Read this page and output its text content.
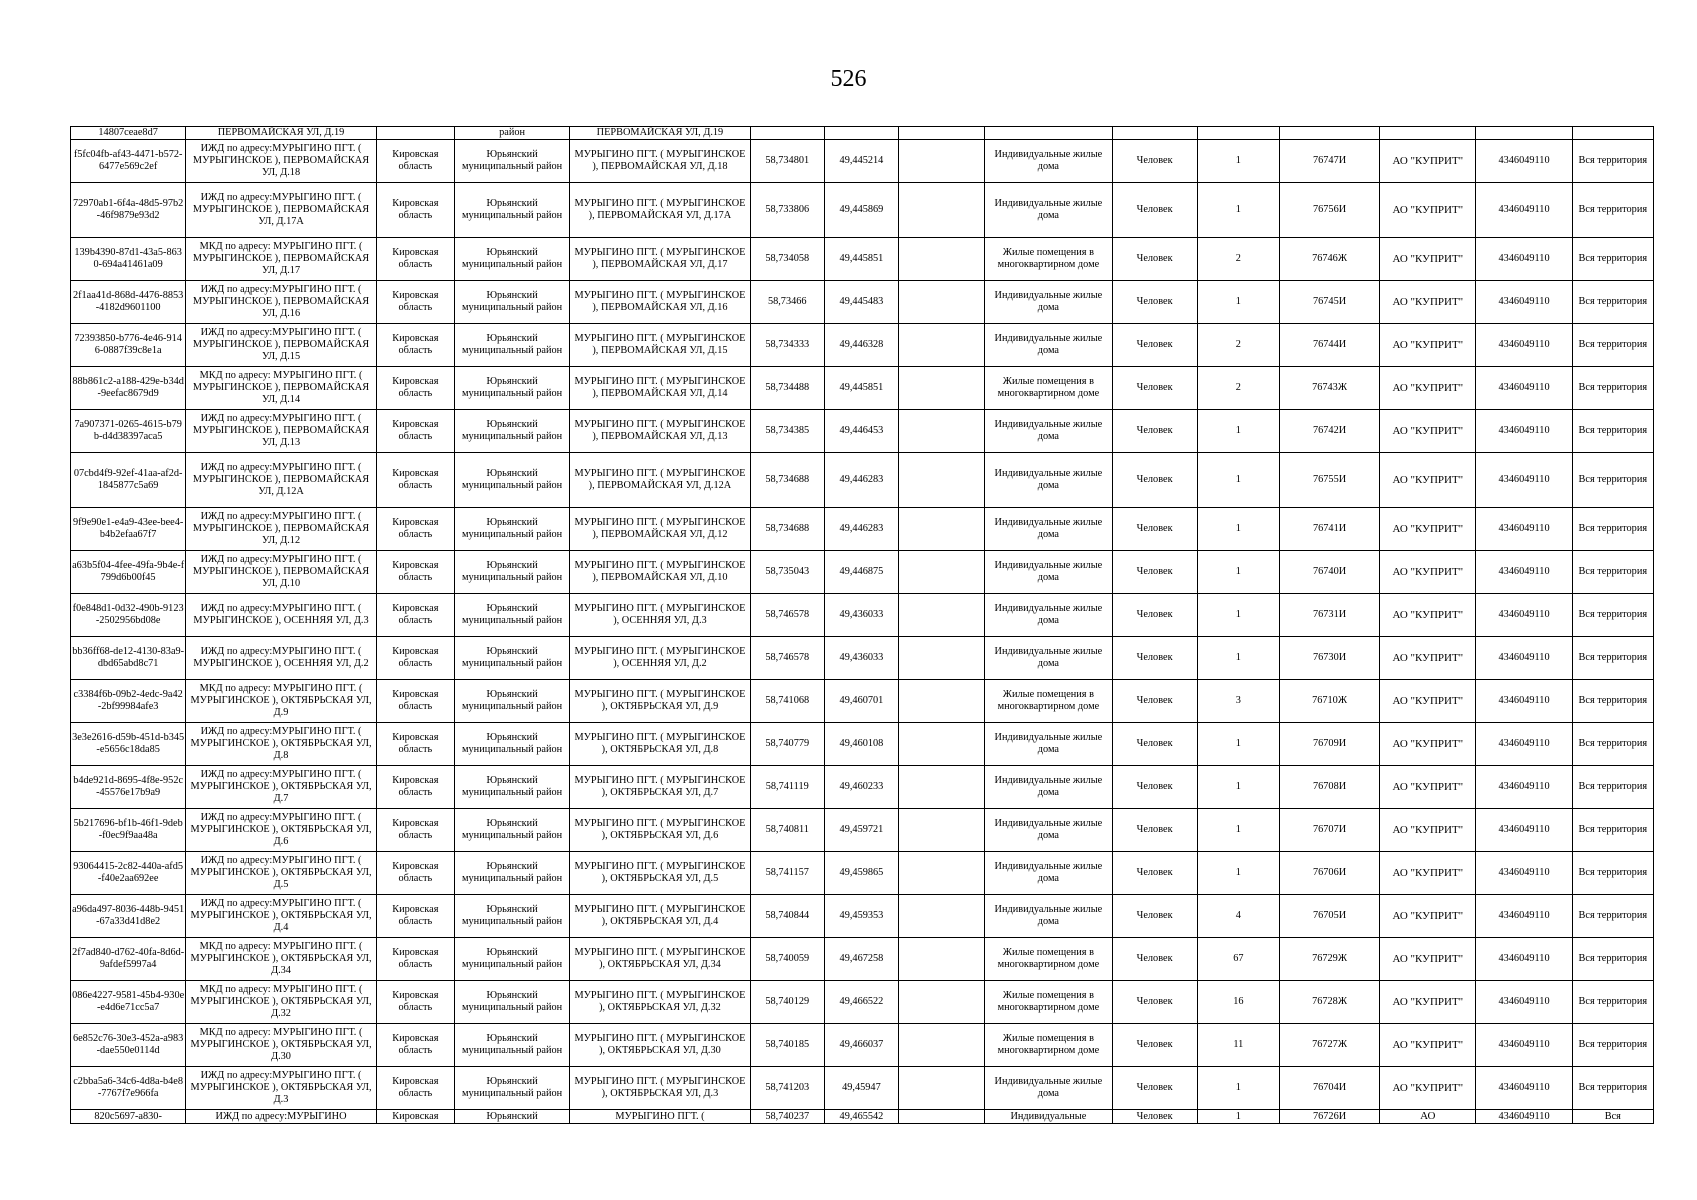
526
14807ceae8d7	ПЕРВОМАЙСКАЯ УЛ, Д.19		район	ПЕРВОМАЙСКАЯ УЛ, Д.19										
f5fc04fb-af43-4471-b572-6477e569c2ef	ИЖД по адресу:МУРЫГИНО ПГТ. ( МУРЫГИНСКОЕ ), ПЕРВОМАЙСКАЯ УЛ, Д.18	Кировская область	Юрьянский муниципальный район	МУРЫГИНО ПГТ. ( МУРЫГИНСКОЕ ), ПЕРВОМАЙСКАЯ УЛ, Д.18	58,734801	49,445214		Индивидуальные жилые дома	Человек	1	76747И	АО "КУПРИТ"	4346049110	Вся территория
72970ab1-6f4a-48d5-97b2-46f9879e93d2	ИЖД по адресу:МУРЫГИНО ПГТ. ( МУРЫГИНСКОЕ ), ПЕРВОМАЙСКАЯ УЛ, Д.17А	Кировская область	Юрьянский муниципальный район	МУРЫГИНО ПГТ. ( МУРЫГИНСКОЕ ), ПЕРВОМАЙСКАЯ УЛ, Д.17А	58,733806	49,445869		Индивидуальные жилые дома	Человек	1	76756И	АО "КУПРИТ"	4346049110	Вся территория
139b4390-87d1-43a5-8630-694a41461a09	МКД по адресу: МУРЫГИНО ПГТ. ( МУРЫГИНСКОЕ ), ПЕРВОМАЙСКАЯ УЛ, Д.17	Кировская область	Юрьянский муниципальный район	МУРЫГИНО ПГТ. ( МУРЫГИНСКОЕ ), ПЕРВОМАЙСКАЯ УЛ, Д.17	58,734058	49,445851		Жилые помещения в многоквартирном доме	Человек	2	76746Ж	АО "КУПРИТ"	4346049110	Вся территория
2f1aa41d-868d-4476-8853-4182d9601100	ИЖД по адресу:МУРЫГИНО ПГТ. ( МУРЫГИНСКОЕ ), ПЕРВОМАЙСКАЯ УЛ, Д.16	Кировская область	Юрьянский муниципальный район	МУРЫГИНО ПГТ. ( МУРЫГИНСКОЕ ), ПЕРВОМАЙСКАЯ УЛ, Д.16	58,73466	49,445483		Индивидуальные жилые дома	Человек	1	76745И	АО "КУПРИТ"	4346049110	Вся территория
72393850-b776-4e46-9146-0887f39c8e1a	ИЖД по адресу:МУРЫГИНО ПГТ. ( МУРЫГИНСКОЕ ), ПЕРВОМАЙСКАЯ УЛ, Д.15	Кировская область	Юрьянский муниципальный район	МУРЫГИНО ПГТ. ( МУРЫГИНСКОЕ ), ПЕРВОМАЙСКАЯ УЛ, Д.15	58,734333	49,446328		Индивидуальные жилые дома	Человек	2	76744И	АО "КУПРИТ"	4346049110	Вся территория
88b861c2-a188-429e-b34d-9eefac8679d9	МКД по адресу: МУРЫГИНО ПГТ. ( МУРЫГИНСКОЕ ), ПЕРВОМАЙСКАЯ УЛ, Д.14	Кировская область	Юрьянский муниципальный район	МУРЫГИНО ПГТ. ( МУРЫГИНСКОЕ ), ПЕРВОМАЙСКАЯ УЛ, Д.14	58,734488	49,445851		Жилые помещения в многоквартирном доме	Человек	2	76743Ж	АО "КУПРИТ"	4346049110	Вся территория
7a907371-0265-4615-b79b-d4d38397aca5	ИЖД по адресу:МУРЫГИНО ПГТ. ( МУРЫГИНСКОЕ ), ПЕРВОМАЙСКАЯ УЛ, Д.13	Кировская область	Юрьянский муниципальный район	МУРЫГИНО ПГТ. ( МУРЫГИНСКОЕ ), ПЕРВОМАЙСКАЯ УЛ, Д.13	58,734385	49,446453		Индивидуальные жилые дома	Человек	1	76742И	АО "КУПРИТ"	4346049110	Вся территория
07cbd4f9-92ef-41aa-af2d-1845877c5a69	ИЖД по адресу:МУРЫГИНО ПГТ. ( МУРЫГИНСКОЕ ), ПЕРВОМАЙСКАЯ УЛ, Д.12А	Кировская область	Юрьянский муниципальный район	МУРЫГИНО ПГТ. ( МУРЫГИНСКОЕ ), ПЕРВОМАЙСКАЯ УЛ, Д.12А	58,734688	49,446283		Индивидуальные жилые дома	Человек	1	76755И	АО "КУПРИТ"	4346049110	Вся территория
9f9e90e1-e4a9-43ee-bee4-b4b2efaa67f7	ИЖД по адресу:МУРЫГИНО ПГТ. ( МУРЫГИНСКОЕ ), ПЕРВОМАЙСКАЯ УЛ, Д.12	Кировская область	Юрьянский муниципальный район	МУРЫГИНО ПГТ. ( МУРЫГИНСКОЕ ), ПЕРВОМАЙСКАЯ УЛ, Д.12	58,734688	49,446283		Индивидуальные жилые дома	Человек	1	76741И	АО "КУПРИТ"	4346049110	Вся территория
a63b5f04-4fee-49fa-9b4e-f799d6b00f45	ИЖД по адресу:МУРЫГИНО ПГТ. ( МУРЫГИНСКОЕ ), ПЕРВОМАЙСКАЯ УЛ, Д.10	Кировская область	Юрьянский муниципальный район	МУРЫГИНО ПГТ. ( МУРЫГИНСКОЕ ), ПЕРВОМАЙСКАЯ УЛ, Д.10	58,735043	49,446875		Индивидуальные жилые дома	Человек	1	76740И	АО "КУПРИТ"	4346049110	Вся территория
f0e848d1-0d32-490b-9123-2502956bd08e	ИЖД по адресу:МУРЫГИНО ПГТ. ( МУРЫГИНСКОЕ ), ОСЕННЯЯ УЛ, Д.3	Кировская область	Юрьянский муниципальный район	МУРЫГИНО ПГТ. ( МУРЫГИНСКОЕ ), ОСЕННЯЯ УЛ, Д.3	58,746578	49,436033		Индивидуальные жилые дома	Человек	1	76731И	АО "КУПРИТ"	4346049110	Вся территория
bb36ff68-de12-4130-83a9-dbd65abd8c71	ИЖД по адресу:МУРЫГИНО ПГТ. ( МУРЫГИНСКОЕ ), ОСЕННЯЯ УЛ, Д.2	Кировская область	Юрьянский муниципальный район	МУРЫГИНО ПГТ. ( МУРЫГИНСКОЕ ), ОСЕННЯЯ УЛ, Д.2	58,746578	49,436033		Индивидуальные жилые дома	Человек	1	76730И	АО "КУПРИТ"	4346049110	Вся территория
c3384f6b-09b2-4edc-9a42-2bf99984afe3	МКД по адресу: МУРЫГИНО ПГТ. ( МУРЫГИНСКОЕ ), ОКТЯБРЬСКАЯ УЛ, Д.9	Кировская область	Юрьянский муниципальный район	МУРЫГИНО ПГТ. ( МУРЫГИНСКОЕ ), ОКТЯБРЬСКАЯ УЛ, Д.9	58,741068	49,460701		Жилые помещения в многоквартирном доме	Человек	3	76710Ж	АО "КУПРИТ"	4346049110	Вся территория
3e3e2616-d59b-451d-b345-e5656c18da85	ИЖД по адресу:МУРЫГИНО ПГТ. ( МУРЫГИНСКОЕ ), ОКТЯБРЬСКАЯ УЛ, Д.8	Кировская область	Юрьянский муниципальный район	МУРЫГИНО ПГТ. ( МУРЫГИНСКОЕ ), ОКТЯБРЬСКАЯ УЛ, Д.8	58,740779	49,460108		Индивидуальные жилые дома	Человек	1	76709И	АО "КУПРИТ"	4346049110	Вся территория
b4de921d-8695-4f8e-952c-45576e17b9a9	ИЖД по адресу:МУРЫГИНО ПГТ. ( МУРЫГИНСКОЕ ), ОКТЯБРЬСКАЯ УЛ, Д.7	Кировская область	Юрьянский муниципальный район	МУРЫГИНО ПГТ. ( МУРЫГИНСКОЕ ), ОКТЯБРЬСКАЯ УЛ, Д.7	58,741119	49,460233		Индивидуальные жилые дома	Человек	1	76708И	АО "КУПРИТ"	4346049110	Вся территория
5b217696-bf1b-46f1-9deb-f0ec9f9aa48a	ИЖД по адресу:МУРЫГИНО ПГТ. ( МУРЫГИНСКОЕ ), ОКТЯБРЬСКАЯ УЛ, Д.6	Кировская область	Юрьянский муниципальный район	МУРЫГИНО ПГТ. ( МУРЫГИНСКОЕ ), ОКТЯБРЬСКАЯ УЛ, Д.6	58,740811	49,459721		Индивидуальные жилые дома	Человек	1	76707И	АО "КУПРИТ"	4346049110	Вся территория
93064415-2c82-440a-afd5-f40e2aa692ee	ИЖД по адресу:МУРЫГИНО ПГТ. ( МУРЫГИНСКОЕ ), ОКТЯБРЬСКАЯ УЛ, Д.5	Кировская область	Юрьянский муниципальный район	МУРЫГИНО ПГТ. ( МУРЫГИНСКОЕ ), ОКТЯБРЬСКАЯ УЛ, Д.5	58,741157	49,459865		Индивидуальные жилые дома	Человек	1	76706И	АО "КУПРИТ"	4346049110	Вся территория
a96da497-8036-448b-9451-67a33d41d8e2	ИЖД по адресу:МУРЫГИНО ПГТ. ( МУРЫГИНСКОЕ ), ОКТЯБРЬСКАЯ УЛ, Д.4	Кировская область	Юрьянский муниципальный район	МУРЫГИНО ПГТ. ( МУРЫГИНСКОЕ ), ОКТЯБРЬСКАЯ УЛ, Д.4	58,740844	49,459353		Индивидуальные жилые дома	Человек	4	76705И	АО "КУПРИТ"	4346049110	Вся территория
2f7ad840-d762-40fa-8d6d-9afdef5997a4	МКД по адресу: МУРЫГИНО ПГТ. ( МУРЫГИНСКОЕ ), ОКТЯБРЬСКАЯ УЛ, Д.34	Кировская область	Юрьянский муниципальный район	МУРЫГИНО ПГТ. ( МУРЫГИНСКОЕ ), ОКТЯБРЬСКАЯ УЛ, Д.34	58,740059	49,467258		Жилые помещения в многоквартирном доме	Человек	67	76729Ж	АО "КУПРИТ"	4346049110	Вся территория
086e4227-9581-45b4-930e-e4d6e71cc5a7	МКД по адресу: МУРЫГИНО ПГТ. ( МУРЫГИНСКОЕ ), ОКТЯБРЬСКАЯ УЛ, Д.32	Кировская область	Юрьянский муниципальный район	МУРЫГИНО ПГТ. ( МУРЫГИНСКОЕ ), ОКТЯБРЬСКАЯ УЛ, Д.32	58,740129	49,466522		Жилые помещения в многоквартирном доме	Человек	16	76728Ж	АО "КУПРИТ"	4346049110	Вся территория
6e852c76-30e3-452a-a983-dae550e0114d	МКД по адресу: МУРЫГИНО ПГТ. ( МУРЫГИНСКОЕ ), ОКТЯБРЬСКАЯ УЛ, Д.30	Кировская область	Юрьянский муниципальный район	МУРЫГИНО ПГТ. ( МУРЫГИНСКОЕ ), ОКТЯБРЬСКАЯ УЛ, Д.30	58,740185	49,466037		Жилые помещения в многоквартирном доме	Человек	11	76727Ж	АО "КУПРИТ"	4346049110	Вся территория
c2bba5a6-34c6-4d8a-b4e8-7767f7e966fa	ИЖД по адресу:МУРЫГИНО ПГТ. ( МУРЫГИНСКОЕ ), ОКТЯБРЬСКАЯ УЛ, Д.3	Кировская область	Юрьянский муниципальный район	МУРЫГИНО ПГТ. ( МУРЫГИНСКОЕ ), ОКТЯБРЬСКАЯ УЛ, Д.3	58,741203	49,45947		Индивидуальные жилые дома	Человек	1	76704И	АО "КУПРИТ"	4346049110	Вся территория
820c5697-a830-	ИЖД по адресу:МУРЫГИНО	Кировская	Юрьянский	МУРЫГИНО ПГТ. (	58,740237	49,465542		Индивидуальные	Человек	1	76726И	АО	4346049110	Вся
